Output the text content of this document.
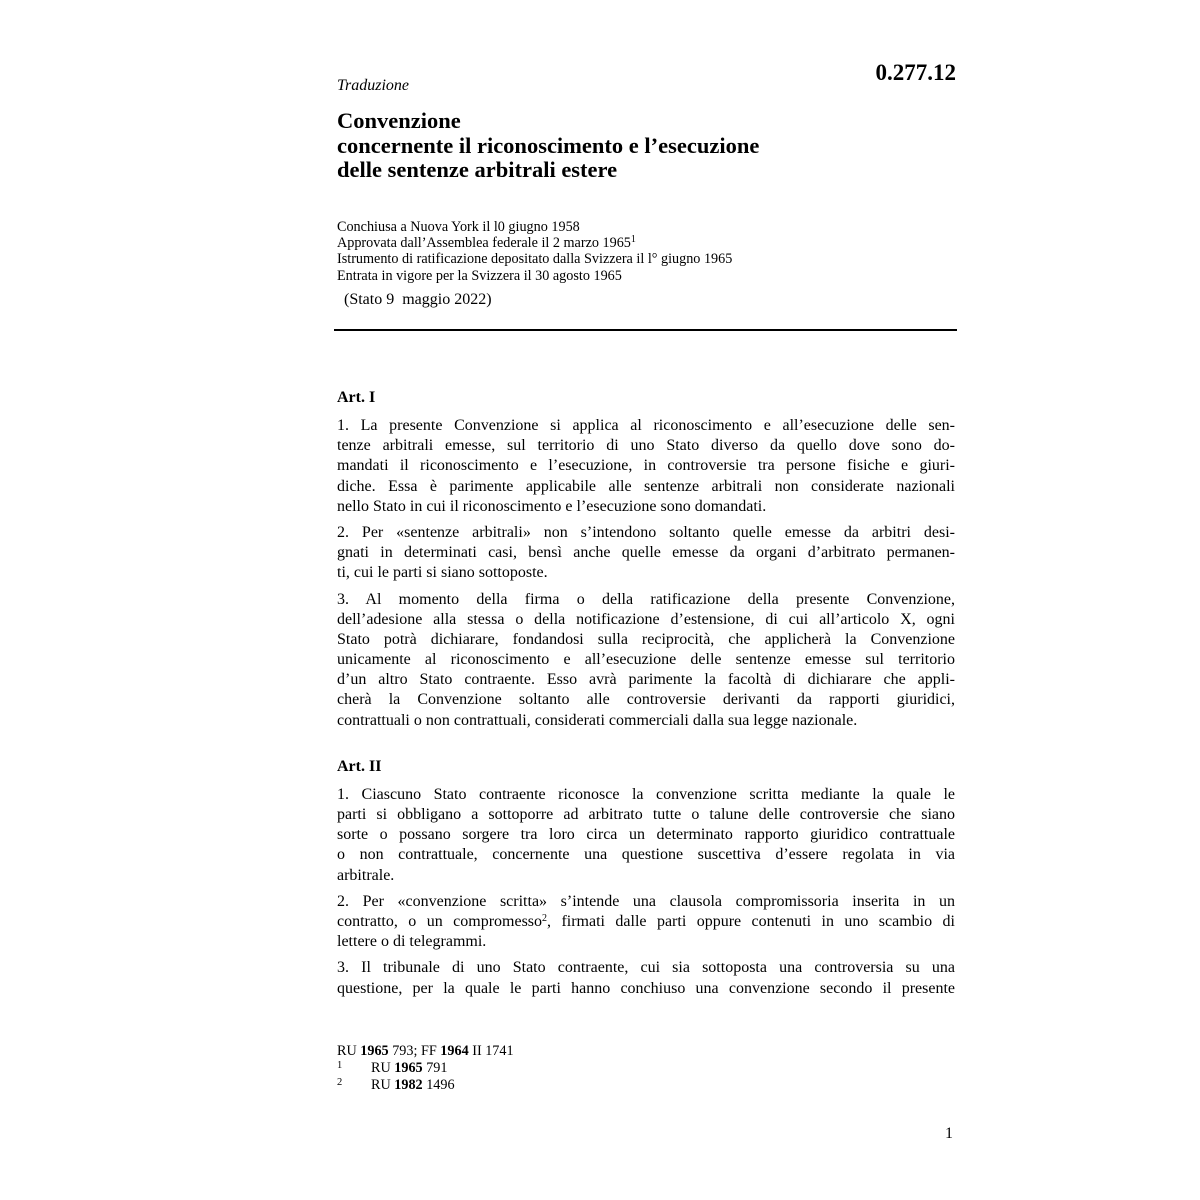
0.277.12
Traduzione
Convenzione
concernente il riconoscimento e l’esecuzione
delle sentenze arbitrali estere
Conchiusa a Nuova York il l0 giugno 1958
Approvata dall’Assemblea federale il 2 marzo 1965$^1$
Istrumento di ratificazione depositato dalla Svizzera il l° giugno 1965
Entrata in vigore per la Svizzera il 30 agosto 1965
(Stato 9  maggio 2022)
Art. I
1. La presente Convenzione si applica al riconoscimento e all’esecuzione delle sen-
tenze arbitrali emesse, sul territorio di uno Stato diverso da quello dove sono do-
mandati il riconoscimento e l’esecuzione, in controversie tra persone fisiche e giuri-
diche. Essa è parimente applicabile alle sentenze arbitrali non considerate nazionali
nello Stato in cui il riconoscimento e l’esecuzione sono domandati.
2. Per «sentenze arbitrali» non s’intendono soltanto quelle emesse da arbitri desi-
gnati in determinati casi, bensì anche quelle emesse da organi d’arbitrato permanen-
ti, cui le parti si siano sottoposte.
3. Al momento della firma o della ratificazione della presente Convenzione,
dell’adesione alla stessa o della notificazione d’estensione, di cui all’articolo X, ogni
Stato potrà dichiarare, fondandosi sulla reciprocità, che applicherà la Convenzione
unicamente al riconoscimento e all’esecuzione delle sentenze emesse sul territorio
d’un altro Stato contraente. Esso avrà parimente la facoltà di dichiarare che appli-
cherà la Convenzione soltanto alle controversie derivanti da rapporti giuridici,
contrattuali o non contrattuali, considerati commerciali dalla sua legge nazionale.
Art. II
1. Ciascuno Stato contraente riconosce la convenzione scritta mediante la quale le
parti si obbligano a sottoporre ad arbitrato tutte o talune delle controversie che siano
sorte o possano sorgere tra loro circa un determinato rapporto giuridico contrattuale
o non contrattuale, concernente una questione suscettiva d’essere regolata in via
arbitrale.
2. Per «convenzione scritta» s’intende una clausola compromissoria inserita in un
contratto, o un compromesso$^2$, firmati dalle parti oppure contenuti in uno scambio di
lettere o di telegrammi.
3. Il tribunale di uno Stato contraente, cui sia sottoposta una controversia su una
questione, per la quale le parti hanno conchiuso una convenzione secondo il presente
RU 1965 793; FF 1964 II 1741
1 RU 1965 791
2 RU 1982 1496
1
